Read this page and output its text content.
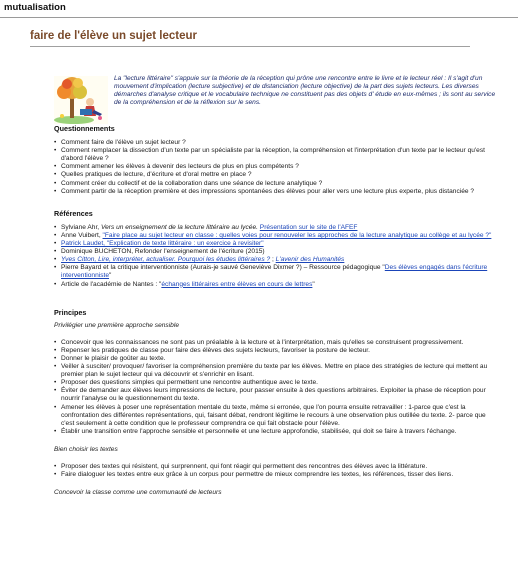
mutualisation
faire de l'élève un sujet lecteur
La "lecture littéraire" s'appuie sur la théorie de la réception qui prône une rencontre entre le livre et le lecteur réel : Il s'agit d'un mouvement d'implication (lecture subjective) et de distanciation (lecture objective) de la part des sujets lecteurs. Les diverses démarches d'analyse critique et le vocabulaire technique ne constituent pas des objets d' étude en eux-mêmes ; ils sont au service de la compréhension et de la réflexion sur le sens.
Questionnements
• Comment faire de l'élève un sujet lecteur ?
• Comment remplacer la dissection d'un texte par un spécialiste par la réception, la compréhension et l'interprétation d'un texte par le lecteur qu'est d'abord l'élève ?
• Comment amener les élèves à devenir des lecteurs de plus en plus compétents ?
• Quelles pratiques de lecture, d'écriture et d'oral mettre en place ?
• Comment créer du collectif et de la collaboration dans une séance de lecture analytique ?
• Comment partir de la réception première et des impressions spontanées des élèves pour aller vers une lecture plus experte, plus distanciée ?
Références
• Sylviane Ahr, Vers un enseignement de la lecture littéraire au lycée. Présentation sur le site de l'AFEF
• Anne Vuibert, "Faire place au sujet lecteur en classe : quelles voies pour renouveler les approches de la lecture analytique au collège et au lycée ?"
• Patrick Laudet, "Explication de texte littéraire : un exercice à revisiter"
• Dominique BUCHETON, Refonder l'enseignement de l'écriture (2015)
• Yves Citton, Lire, interpréter, actualiser. Pourquoi les études littéraires ? ; L'avenir des Humanités
• Pierre Bayard et la critique interventionniste (Aurais-je sauvé Geneviève Dixmer ?) – Ressource pédagogique "Des élèves engagés dans l'écriture interventionniste"
• Article de l'académie de Nantes : "échanges littéraires entre élèves en cours de lettres"
Principes
Privilégier une première approche sensible
• Concevoir que les connaissances ne sont pas un préalable à la lecture et à l'interprétation, mais qu'elles se construisent progressivement.
• Repenser les pratiques de classe pour faire des élèves des sujets lecteurs, favoriser la posture de lecteur.
• Donner le plaisir de goûter au texte.
• Veiller à susciter/ provoquer/ favoriser la compréhension première du texte par les élèves. Mettre en place des stratégies de lecture qui mettent au premier plan le sujet lecteur qui va découvrir et s'enrichir en lisant.
• Proposer des questions simples qui permettent une rencontre authentique avec le texte.
• Éviter de demander aux élèves leurs impressions de lecture, pour passer ensuite à des questions arbitraires. Exploiter la phase de réception pour nourrir l'analyse ou le questionnement du texte.
• Amener les élèves à poser une représentation mentale du texte, même si erronée, que l'on pourra ensuite retravailler : 1-parce que c'est la confrontation des différentes représentations, qui, faisant débat, rendront légitime le recours à une observation plus outillée du texte. 2- parce que c'est seulement à cette condition que le professeur comprendra ce qui fait obstacle pour l'élève.
• Établir une transition entre l'approche sensible et personnelle et une lecture approfondie, stabilisée, qui doit se faire à travers l'échange.
Bien choisir les textes
• Proposer des textes qui résistent, qui surprennent, qui font réagir qui permettent des rencontres des élèves avec la littérature.
• Faire dialoguer les textes entre eux grâce à un corpus pour permettre de mieux comprendre les textes, les références, tisser des liens.
Concevoir la classe comme une communauté de lecteurs
